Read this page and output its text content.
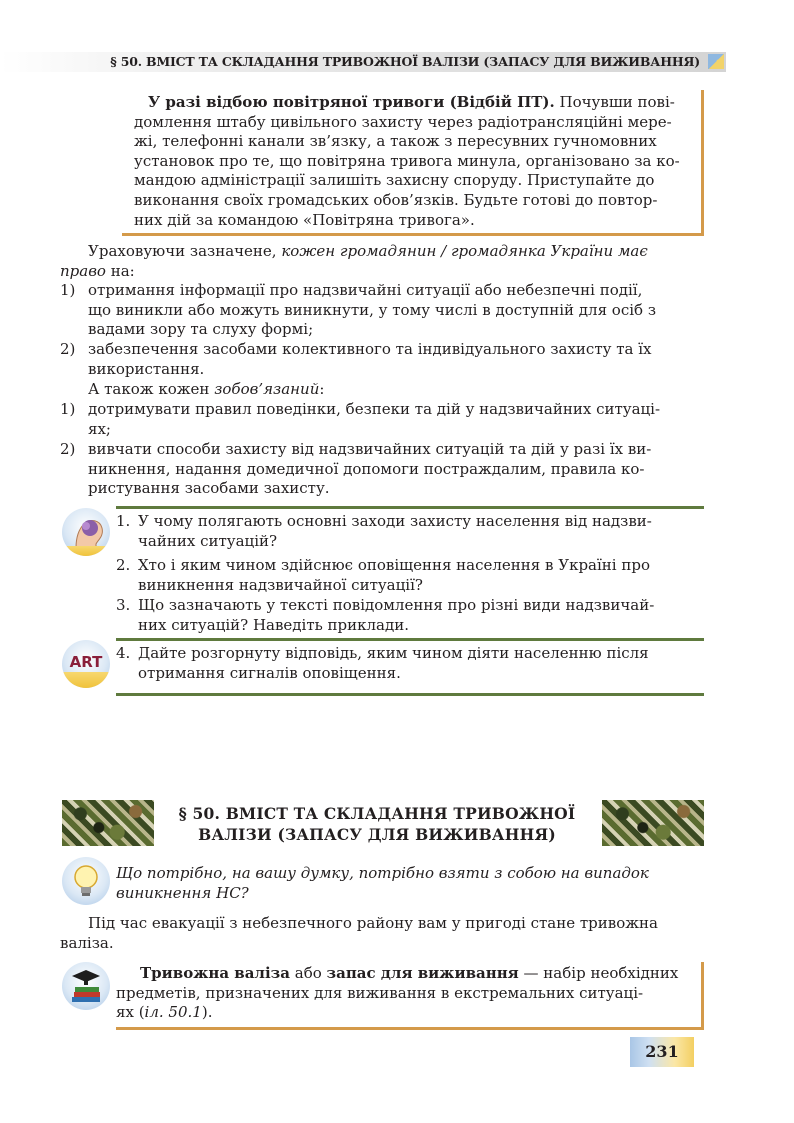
§ 50. ВМІСТ ТА СКЛАДАННЯ ТРИВОЖНОЇ ВАЛІЗИ (ЗАПАСУ ДЛЯ ВИЖИВАННЯ)
У разі відбою повітряної тривоги (Відбій ПТ). Почувши пові-
домлення штабу цивільного захисту через радіотрансляційні мере-
жі, телефонні канали зв’язку, а також з пересувних гучномовних
установок про те, що повітряна тривога минула, організовано за ко-
мандою адміністрації залишіть захисну споруду. Приступайте до
виконання своїх громадських обов’язків. Будьте готові до повтор-
них дій за командою «Повітряна тривога».
Ураховуючи зазначене, кожен громадянин / громадянка України має
право на:
1) отримання інформації про надзвичайні ситуації або небезпечні події,
що виникли або можуть виникнути, у тому числі в доступній для осіб з
вадами зору та слуху формі;
2) забезпечення засобами колективного та індивідуального захисту та їх
використання.
А також кожен зобов’язаний:
1) дотримувати правил поведінки, безпеки та дій у надзвичайних ситуаці-
ях;
2) вивчати способи захисту від надзвичайних ситуацій та дій у разі їх ви-
никнення, надання домедичної допомоги постраждалим, правила ко-
ристування засобами захисту.
1. У чому полягають основні заходи захисту населення від надзви-
чайних ситуацій?
2. Хто і яким чином здійснює оповіщення населення в Україні про
виникнення надзвичайної ситуації?
3. Що зазначають у тексті повідомлення про різні види надзвичай-
них ситуацій? Наведіть приклади.
ART 4. Дайте розгорнуту відповідь, яким чином діяти населенню після
отримання сигналів оповіщення.
§ 50. ВМІСТ ТА СКЛАДАННЯ ТРИВОЖНОЇ
ВАЛІЗИ (ЗАПАСУ ДЛЯ ВИЖИВАННЯ)
Що потрібно, на вашу думку, потрібно взяти з собою на випадок
виникнення НС?
Під час евакуації з небезпечного району вам у пригоді стане тривожна
валіза.
Тривожна валіза або запас для виживання — набір необхідних
предметів, призначених для виживання в екстремальних ситуаці-
ях (іл. 50.1).
231
